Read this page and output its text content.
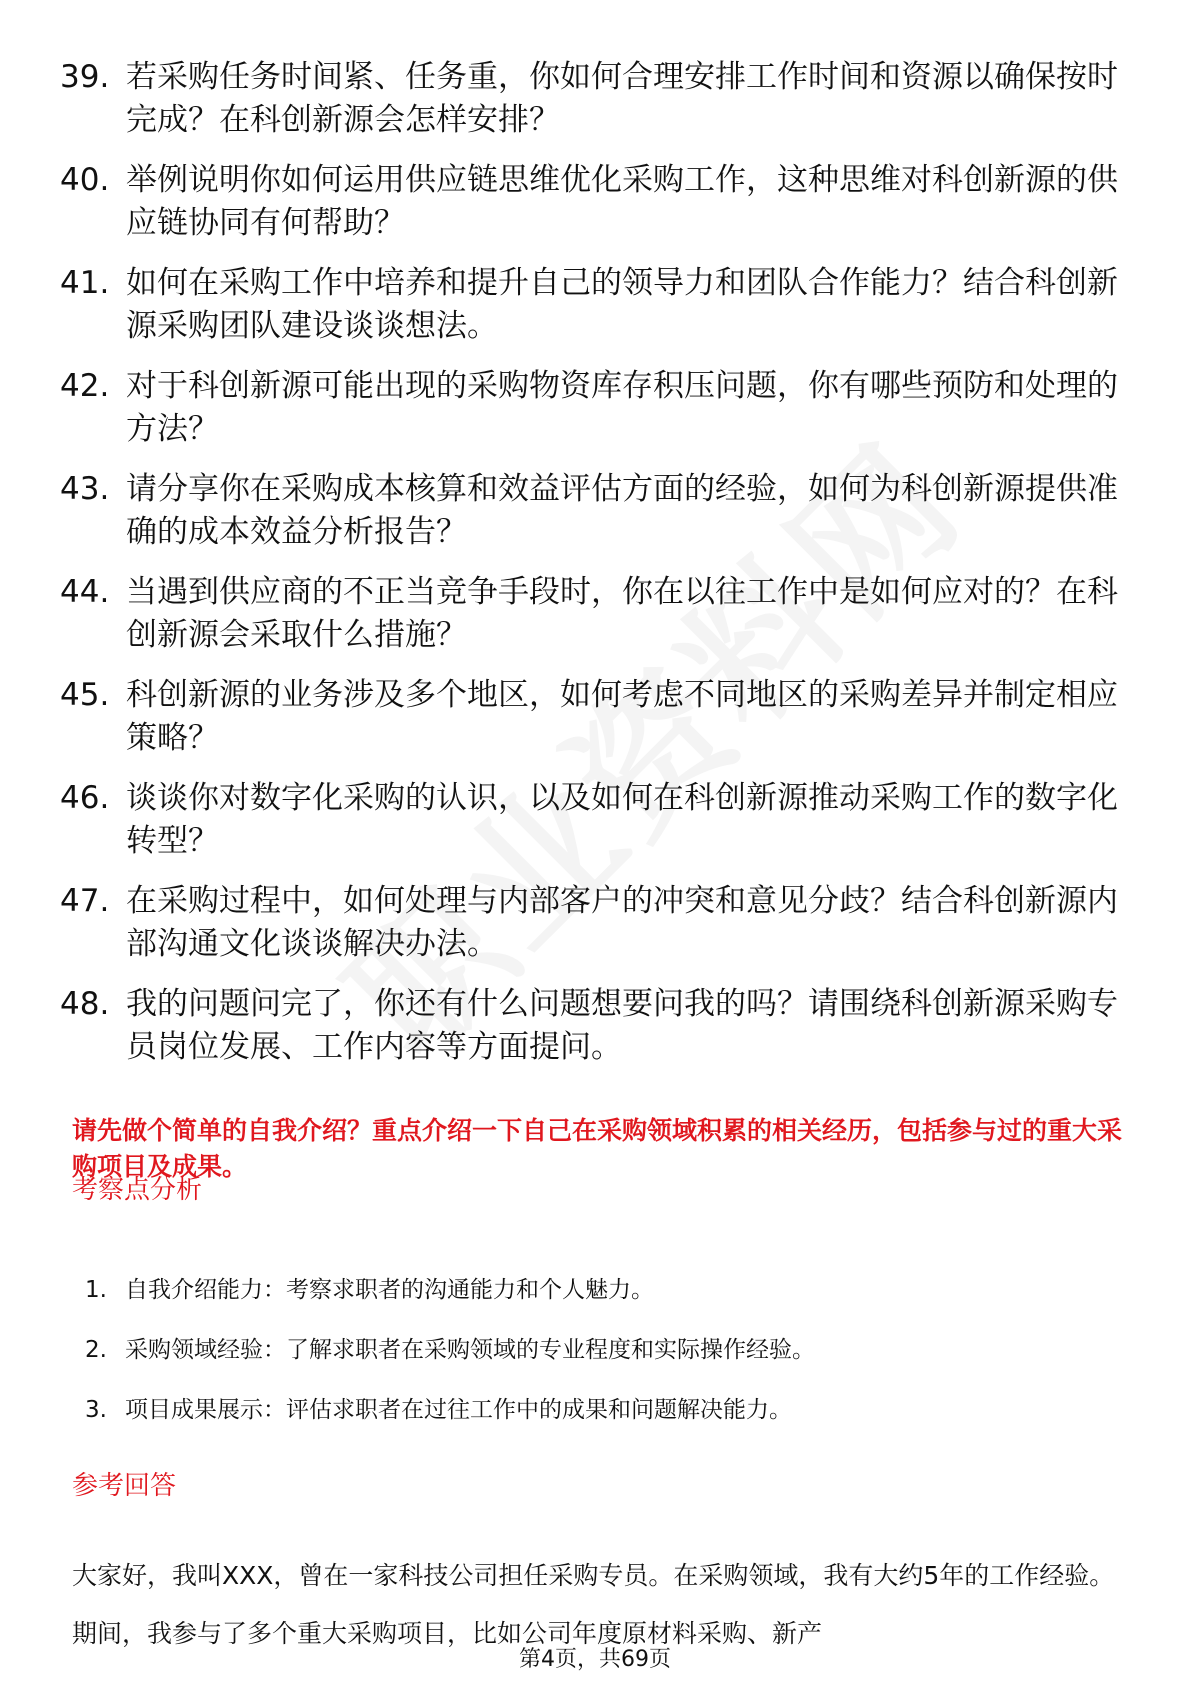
39. 若采购任务时间紧、任务重，你如何合理安排工作时间和资源以确保按时完成？在科创新源会怎样安排？
40. 举例说明你如何运用供应链思维优化采购工作，这种思维对科创新源的供应链协同有何帮助？
41. 如何在采购工作中培养和提升自己的领导力和团队合作能力？结合科创新源采购团队建设谈谈想法。
42. 对于科创新源可能出现的采购物资库存积压问题，你有哪些预防和处理的方法？
43. 请分享你在采购成本核算和效益评估方面的经验，如何为科创新源提供准确的成本效益分析报告？
44. 当遇到供应商的不正当竞争手段时，你在以往工作中是如何应对的？在科创新源会采取什么措施？
45. 科创新源的业务涉及多个地区，如何考虑不同地区的采购差异并制定相应策略？
46. 谈谈你对数字化采购的认识，以及如何在科创新源推动采购工作的数字化转型？
47. 在采购过程中，如何处理与内部客户的冲突和意见分歧？结合科创新源内部沟通文化谈谈解决办法。
48. 我的问题问完了，你还有什么问题想要问我的吗？请围绕科创新源采购专员岗位发展、工作内容等方面提问。
请先做个简单的自我介绍？重点介绍一下自己在采购领域积累的相关经历，包括参与过的重大采购项目及成果。
考察点分析
1. 自我介绍能力：考察求职者的沟通能力和个人魅力。
2. 采购领域经验：了解求职者在采购领域的专业程度和实际操作经验。
3. 项目成果展示：评估求职者在过往工作中的成果和问题解决能力。
参考回答
大家好，我叫XXX，曾在一家科技公司担任采购专员。在采购领域，我有大约5年的工作经验。期间，我参与了多个重大采购项目，比如公司年度原材料采购、新产
第4页，共69页
